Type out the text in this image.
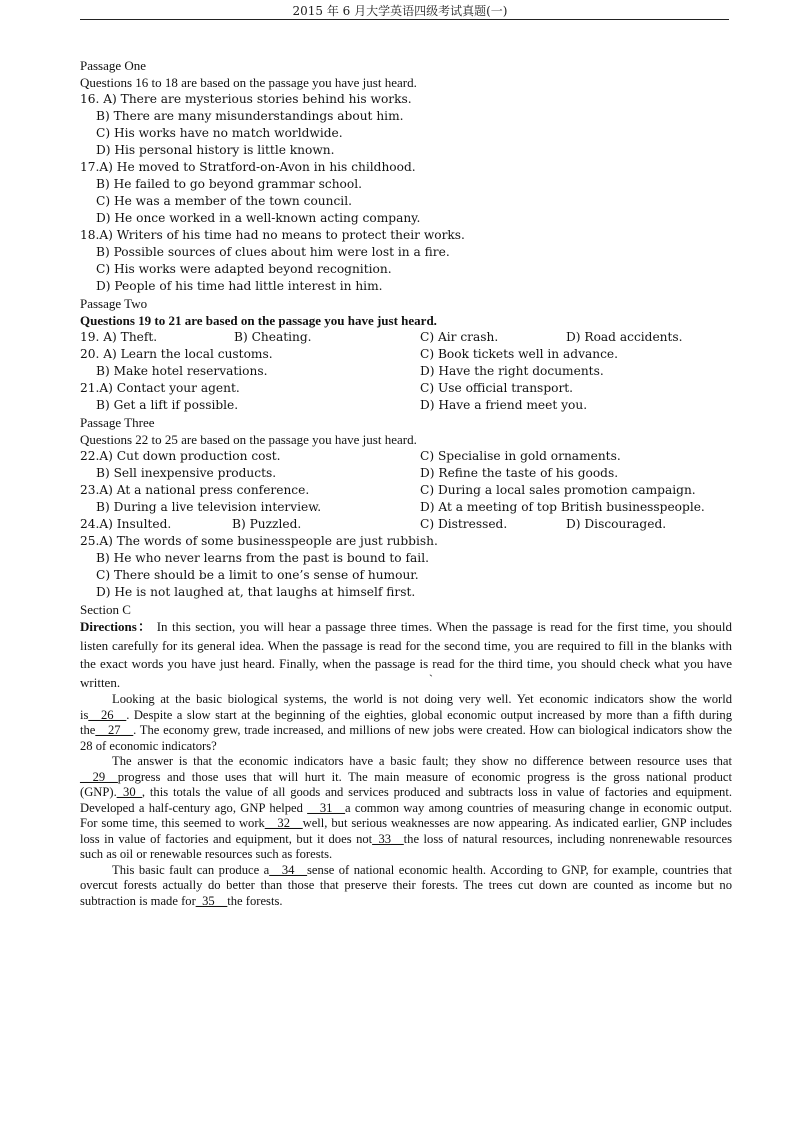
2015 年 6 月大学英语四级考试真题(一)
Passage One
Questions 16 to 18 are based on the passage you have just heard.
16. A) There are mysterious stories behind his works.
B) There are many misunderstandings about him.
C) His works have no match worldwide.
D) His personal history is little known.
17.A) He moved to Stratford-on-Avon in his childhood.
B) He failed to go beyond grammar school.
C) He was a member of the town council.
D) He once worked in a well-known acting company.
18.A) Writers of his time had no means to protect their works.
B) Possible sources of clues about him were lost in a fire.
C) His works were adapted beyond recognition.
D) People of his time had little interest in him.
Passage Two
Questions 19 to 21 are based on the passage you have just heard.
19. A) Theft.	B) Cheating.	C) Air crash.	D) Road accidents.
20. A) Learn the local customs.	C) Book tickets well in advance.
B) Make hotel reservations.	D) Have the right documents.
21.A) Contact your agent.	C) Use official transport.
B) Get a lift if possible.	D) Have a friend meet you.
Passage Three
Questions 22 to 25 are based on the passage you have just heard.
22.A) Cut down production cost.	C) Specialise in gold ornaments.
B) Sell inexpensive products.	D) Refine the taste of his goods.
23.A) At a national press conference.	C) During a local sales promotion campaign.
B) During a live television interview.	D) At a meeting of top British businesspeople.
24.A) Insulted.	B) Puzzled.	C) Distressed.	D) Discouraged.
25.A) The words of some businesspeople are just rubbish.
B) He who never learns from the past is bound to fail.
C) There should be a limit to one’s sense of humour.
D) He is not laughed at, that laughs at himself first.
Section C
Directions： In this section, you will hear a passage three times. When the passage is read for the first time, you should listen carefully for its general idea. When the passage is read for the second time, you are required to fill in the blanks with the exact words you have just heard. Finally, when the passage is read for the third time, you should check what you have written.

Looking at the basic biological systems, the world is not doing very well. Yet economic indicators show the world is__26__. Despite a slow start at the beginning of the eighties, global economic output increased by more than a fifth during the__27__. The economy grew, trade increased, and millions of new jobs were created. How can biological indicators show the 28 of economic indicators?

The answer is that the economic indicators have a basic fault; they show no difference between resource uses that __29__progress and those uses that will hurt it. The main measure of economic progress is the gross national product (GNP)._30_, this totals the value of all goods and services produced and subtracts loss in value of factories and equipment. Developed a half-century ago, GNP helped __31__a common way among countries of measuring change in economic output. For some time, this seemed to work__32__well, but serious weaknesses are now appearing. As indicated earlier, GNP includes loss in value of factories and equipment, but it does not_33__the loss of natural resources, including nonrenewable resources such as oil or renewable resources such as forests.

This basic fault can produce a__34__sense of national economic health. According to GNP, for example, countries that overcut forests actually do better than those that preserve their forests. The trees cut down are counted as income but no subtraction is made for_35__the forests.

`
